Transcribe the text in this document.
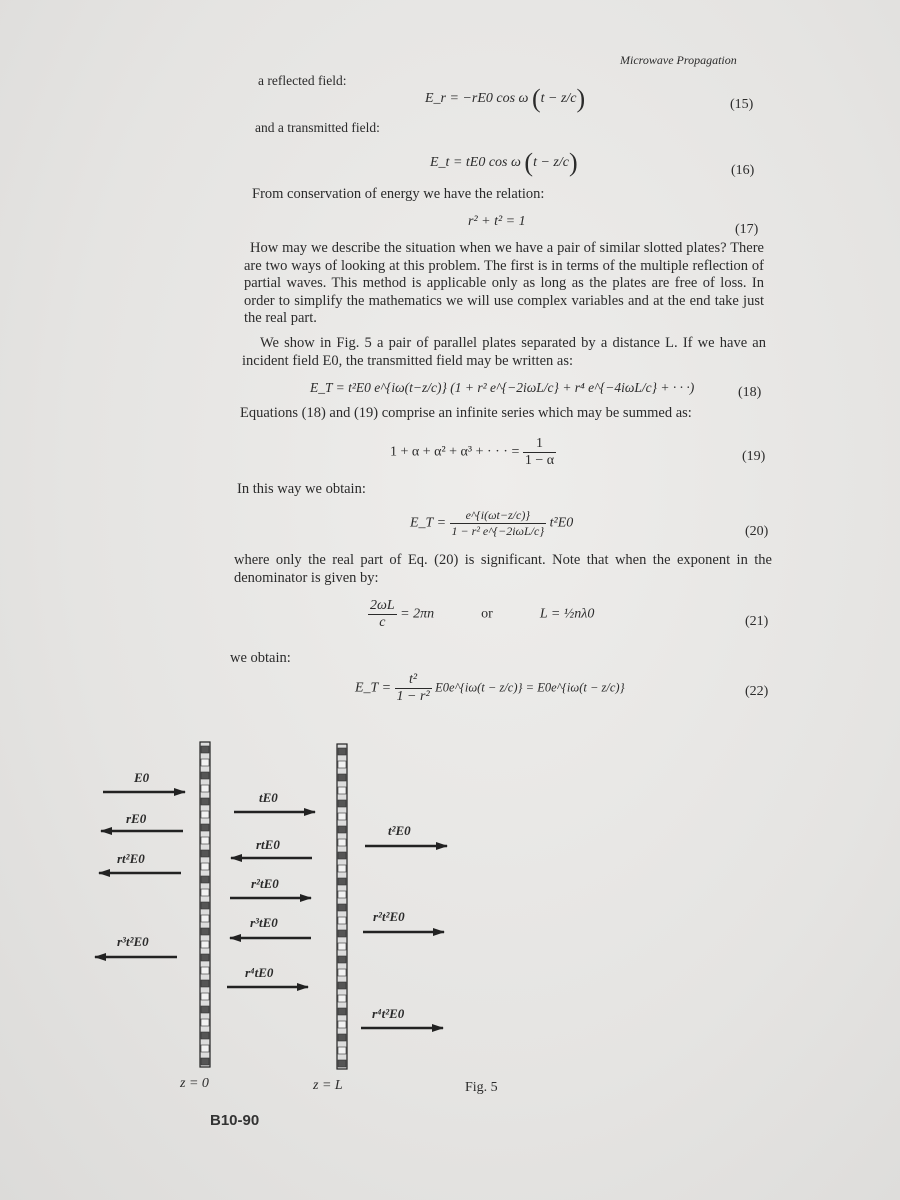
Microwave Propagation
a reflected field:
E_r = −rE0 cos ω (t − z/c)	(15)
and a transmitted field:
E_t = tE0 cos ω (t − z/c)	(16)
From conservation of energy we have the relation:
r² + t² = 1
(17)
How may we describe the situation when we have a pair of similar slotted plates? There are two ways of looking at this problem. The first is in terms of the multiple reflection of partial waves. This method is applicable only as long as the plates are free of loss. In order to simplify the mathematics we will use complex variables and at the end take just the real part.
We show in Fig. 5 a pair of parallel plates separated by a distance L. If we have an incident field E0, the transmitted field may be written as:
E_T = t²E0 e^{iω(t−z/c)} (1 + r² e^{−2iωL/c} + r⁴ e^{−4iωL/c} + · · ·)	(18)
Equations (18) and (19) comprise an infinite series which may be summed as:
1 + α + α² + α³ + · · · = $\frac{1}{1 - \alpha}$	(19)
In this way we obtain:
E_T = $\frac{e\^{}\{i(\omega t-z/c)\}}{\text{1 − r² e\textasciicircum{}\{−2iωL/c\}}} t^2E0$
(20)
where only the real part of Eq. (20) is significant. Note that when the exponent in the denominator is given by:
$\frac{2\omega L}{c} = 2\pi n$	or	L = ½nλ0	(21)
we obtain:
E_T = $\frac{\text{t²}}{\text{1 − r²}}$ E0e^{iω(t − z/c)} = E0e^{iω(t − z/c)}	(22)
E0
rE0
rt²E0
r³t²E0
tE0
rtE0
r²tE0
r³tE0
r⁴tE0
t²E0
r²t²E0
r⁴t²E0
z = 0	z = L	Fig. 5
B10-90
